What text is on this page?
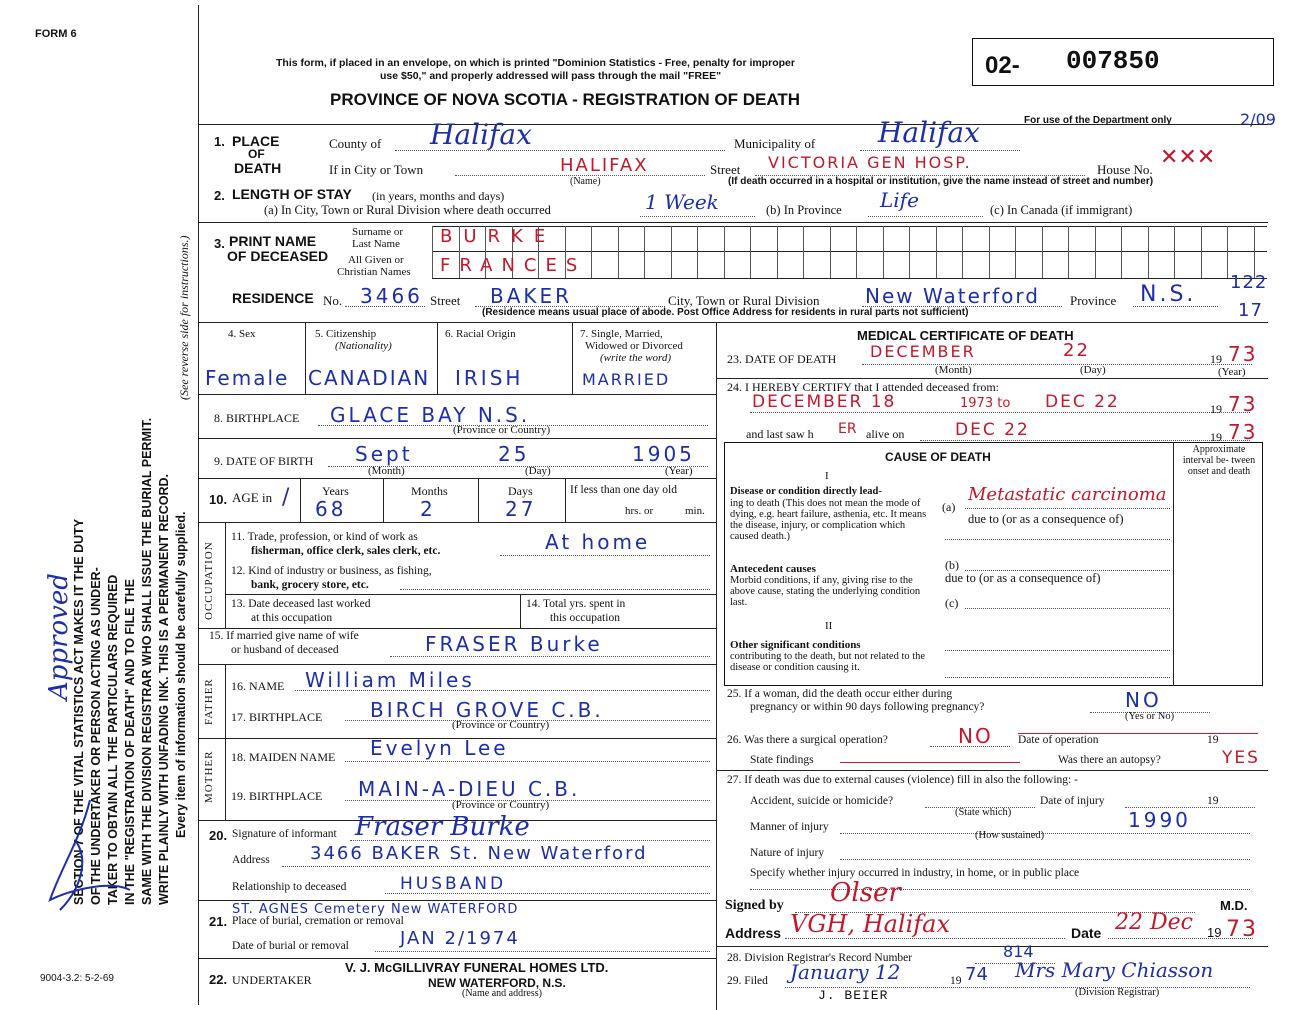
FORM 6
9004-3.2: 5-2-69
SECTION 7 OF THE VITAL STATISTICS ACT MAKES IT THE DUTY OF THE UNDERTAKER OR PERSON ACTING AS UNDER- TAKER TO OBTAIN ALL THE PARTICULARS REQUIRED IN THE "REGISTRATION OF DEATH" AND TO FILE THE SAME WITH THE DIVISION REGISTRAR WHO SHALL ISSUE THE BURIAL PERMIT. WRITE PLAINLY WITH UNFADING INK. THIS IS A PERMANENT RECORD. Every item of information should be carefully supplied.
(See reverse side for instructions.)
Approved
This form, if placed in an envelope, on which is printed "Dominion Statistics - Free, penalty for improper
use $50," and properly addressed will pass through the mail "FREE"
PROVINCE OF NOVA SCOTIA - REGISTRATION OF DEATH
02- 007850
For use of the Department only	2/09
1. PLACE
OF
DEATH
County of Halifax	Municipality of Halifax
If in City or Town	HALIFAX
(Name)
Street VICTORIA GEN HOSP.	House No. ✕✕✕
(If death occurred in a hospital or institution, give the name instead of street and number)
2. LENGTH OF STAY (in years, months and days)
(a) In City, Town or Rural Division where death occurred	1 Week	(b) In Province Life	(c) In Canada (if immigrant)
3. PRINT NAME
OF DECEASED
Surname or
Last Name
All Given or
Christian Names
BURKE
FRANCES
RESIDENCE No. 3466 Street BAKER	City, Town or Rural Division New Waterford Province N.S. 122
17
(Residence means usual place of abode. Post Office Address for residents in rural parts not sufficient)
4. Sex	5. Citizenship
(Nationality)
6. Racial Origin	7. Single, Married,
Widowed or Divorced
(write the word)
Female CANADIAN IRISH	MARRIED
8. BIRTHPLACE GLACE BAY N.S.
(Province or Country)
9. DATE OF BIRTH Sept	25	1905
(Month)	(Day)	(Year)
10. AGE in	Years	Months	Days	If less than one day old
hrs. or	min.
/ 68	2	27
OCCUPATION
11. Trade, profession, or kind of work as
fisherman, office clerk, sales clerk, etc.	At home
12. Kind of industry or business, as fishing,
bank, grocery store, etc.
13. Date deceased last worked
at this occupation
14. Total yrs. spent in
this occupation
15. If married give name of wife
or husband of deceased	FRASER Burke
FATHER 16. NAME William Miles
17. BIRTHPLACE BIRCH GROVE C.B.
(Province or Country)
MOTHER 18. MAIDEN NAME Evelyn Lee
19. BIRTHPLACE MAIN-A-DIEU C.B.
(Province or Country)
20. Signature of informant Fraser Burke
Address 3466 BAKER St. New Waterford
Relationship to deceased	HUSBAND
21.
ST. AGNES Cemetery New WATERFORD
Place of burial, cremation or removal
Date of burial or removal	JAN 2/1974
22. UNDERTAKER
V. J. McGILLIVRAY FUNERAL HOMES LTD.
NEW WATERFORD, N.S.
(Name and address)
MEDICAL CERTIFICATE OF DEATH
23. DATE OF DEATH DECEMBER	22	19 73
(Month)	(Day)	(Year)
24. I HEREBY CERTIFY that I attended deceased from:
DECEMBER 18	1973 to DEC 22	19 73
and last saw h ER alive on	DEC 22	19 73
CAUSE OF DEATH
Approximate interval be- tween onset and death
I
Disease or condition directly lead-
ing to death (This does not mean the mode of dying, e.g. heart failure, asthenia, etc. It means the disease, injury, or complication which caused death.)
(a)
Metastatic carcinoma
due to (or as a consequence of)
Antecedent causes
Morbid conditions, if any, giving rise to the above cause, stating the underlying condition last.
(b)
due to (or as a consequence of)
(c)
II
Other significant conditions
contributing to the death, but not related to the disease or condition causing it.
25. If a woman, did the death occur either during
pregnancy or within 90 days following pregnancy?	NO
(Yes or No)
26. Was there a surgical operation?	NO Date of operation	19
State findings	Was there an autopsy?	YES
27. If death was due to external causes (violence) fill in also the following: -
Accident, suicide or homicide?
(State which)
Date of injury	19
Manner of injury	1990
(How sustained)
Nature of injury
Specify whether injury occurred in industry, in home, or in public place
Signed by Olser	M.D.
Address VGH, Halifax	Date 22 Dec 19 73
28. Division Registrar's Record Number	814
29. Filed January 12	19 74 Mrs Mary Chiasson
(Division Registrar)
J. BEIER
